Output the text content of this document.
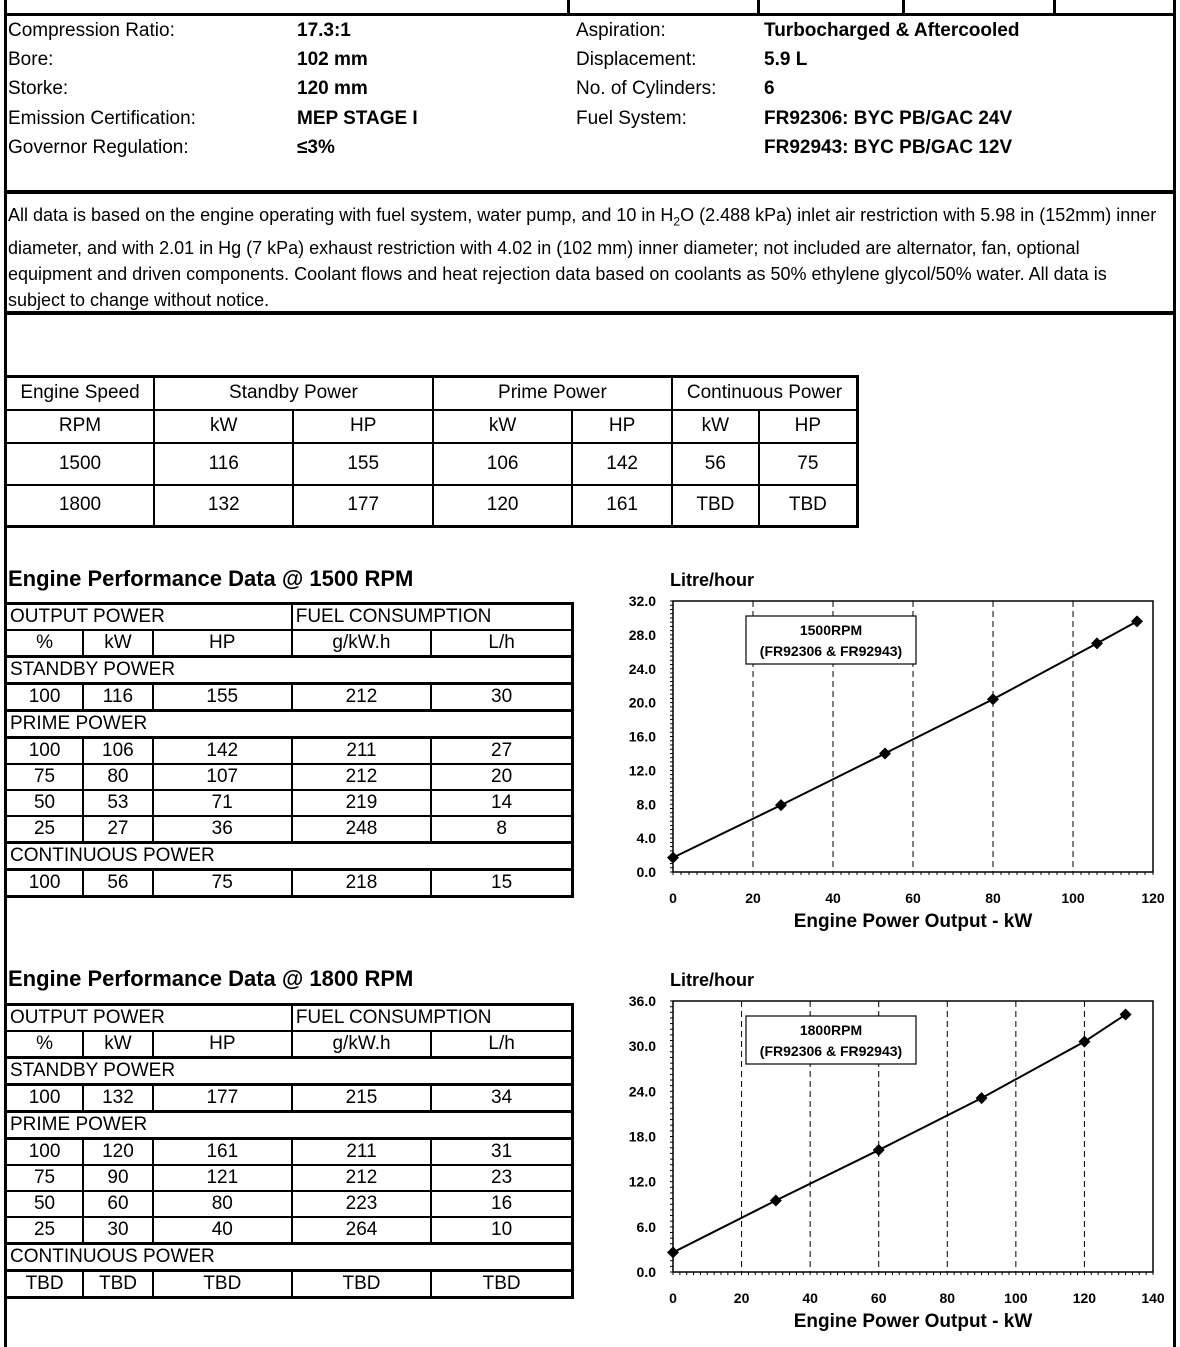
Compression Ratio:	17.3:1
Bore:	102 mm
Storke:	120 mm
Emission Certification:	MEP STAGE I
Governor Regulation:	≤3%
Aspiration:	Turbocharged & Aftercooled
Displacement:	5.9 L
No. of Cylinders:	6
Fuel System:	FR92306: BYC PB/GAC 24V
FR92943: BYC PB/GAC 12V
All data is based on the engine operating with fuel system, water pump, and 10 in $H_2O$ (2.488 kPa) inlet air restriction with 5.98 in (152mm) inner diameter, and with 2.01 in Hg (7 kPa) exhaust restriction with 4.02 in (102 mm) inner diameter; not included are alternator, fan, optional equipment and driven components. Coolant flows and heat rejection data based on coolants as 50% ethylene glycol/50% water. All data is subject to change without notice.
Engine Speed	Standby Power		Prime Power		Continuous Power	
RPM	kW	HP	kW	HP	kW	HP
1500	116	155	106	142	56	75
1800	132	177	120	161	TBD	TBD
Engine Performance Data @ 1500 RPM
OUTPUT POWER			FUEL CONSUMPTION	
%	kW	HP	g/kW.h	L/h
STANDBY POWER				
100	116	155	212	30
PRIME POWER				
100	106	142	211	27
75	80	107	212	20
50	53	71	219	14
25	27	36	248	8
CONTINUOUS POWER				
100	56	75	218	15
Engine Performance Data @ 1800 RPM
OUTPUT POWER			FUEL CONSUMPTION	
%	kW	HP	g/kW.h	L/h
STANDBY POWER				
100	132	177	215	34
PRIME POWER				
100	120	161	211	31
75	90	121	212	23
50	60	80	223	16
25	30	40	264	10
CONTINUOUS POWER				
TBD	TBD	TBD	TBD	TBD
Litre/hour
0	20	40	60	80	100	120
0.0
4.0
8.0
12.0
16.0
20.0
24.0
28.0
32.0
Engine Power Output - kW
1500RPM
(FR92306 & FR92943)
Litre/hour
0	20	40	60	80	100	120	140
0.0
6.0
12.0
18.0
24.0
30.0
36.0
Engine Power Output - kW
1800RPM
(FR92306 & FR92943)
